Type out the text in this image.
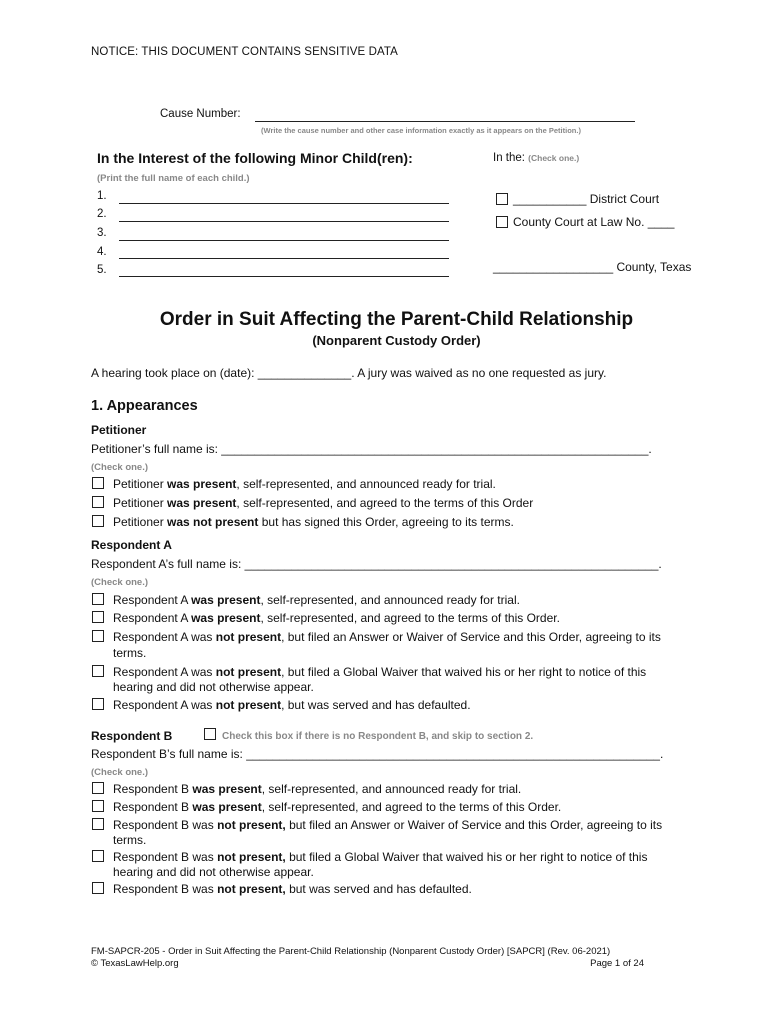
NOTICE: THIS DOCUMENT CONTAINS SENSITIVE DATA
Cause Number:
(Write the cause number and other case information exactly as it appears on the Petition.)
In the Interest of the following Minor Child(ren):
(Print the full name of each child.)
1.
2.
3.
4.
5.
In the: (Check one.)
___________ District Court
County Court at Law No. ____
__________________ County, Texas
Order in Suit Affecting the Parent-Child Relationship
(Nonparent Custody Order)
A hearing took place on (date): ______________. A jury was waived as no one requested as jury.
1. Appearances
Petitioner
Petitioner’s full name is: ________________________________________________________________.
(Check one.)
Petitioner was present, self-represented, and announced ready for trial.
Petitioner was present, self-represented, and agreed to the terms of this Order
Petitioner was not present but has signed this Order, agreeing to its terms.
Respondent A
Respondent A’s full name is: ______________________________________________________________.
(Check one.)
Respondent A was present, self-represented, and announced ready for trial.
Respondent A was present, self-represented, and agreed to the terms of this Order.
Respondent A was not present, but filed an Answer or Waiver of Service and this Order, agreeing to its
terms.
Respondent A was not present, but filed a Global Waiver that waived his or her right to notice of this
hearing and did not otherwise appear.
Respondent A was not present, but was served and has defaulted.
Respondent B	Check this box if there is no Respondent B, and skip to section 2.
Respondent B’s full name is: ______________________________________________________________.
(Check one.)
Respondent B was present, self-represented, and announced ready for trial.
Respondent B was present, self-represented, and agreed to the terms of this Order.
Respondent B was not present, but filed an Answer or Waiver of Service and this Order, agreeing to its
terms.
Respondent B was not present, but filed a Global Waiver that waived his or her right to notice of this
hearing and did not otherwise appear.
Respondent B was not present, but was served and has defaulted.
FM-SAPCR-205 - Order in Suit Affecting the Parent-Child Relationship (Nonparent Custody Order) [SAPCR] (Rev. 06-2021)
© TexasLawHelp.org	Page 1 of 24
